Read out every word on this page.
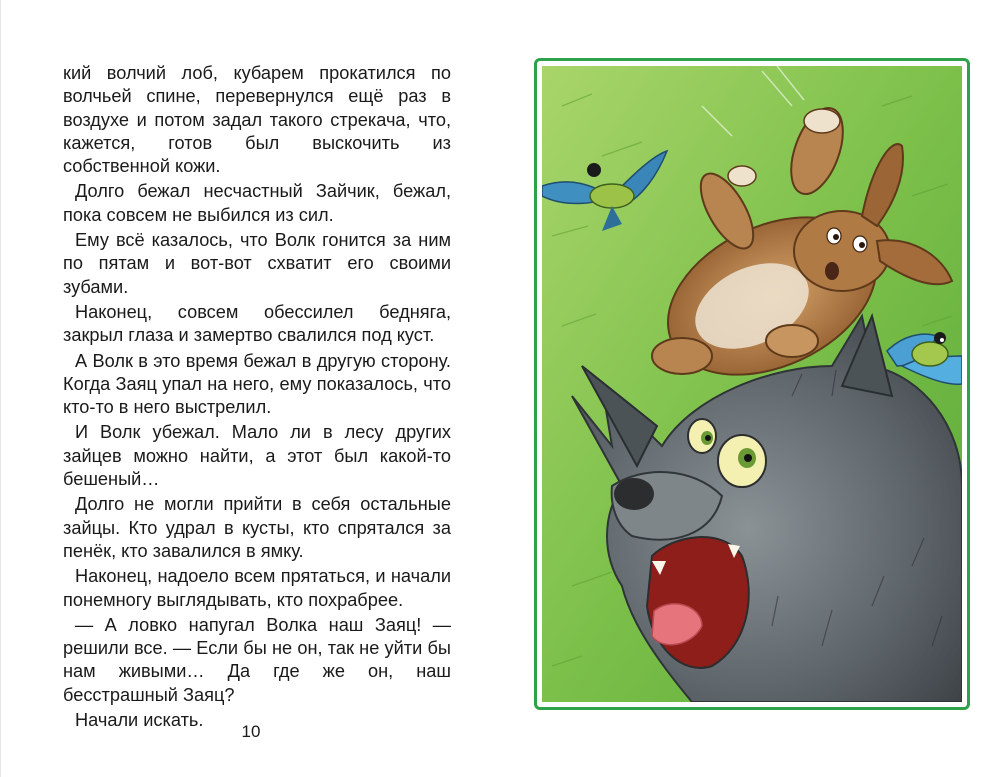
кий волчий лоб, кубарем прокатился по волчьей спине, перевернулся ещё раз в воздухе и потом задал такого стрекача, что, кажется, готов был выскочить из собственной кожи.

Долго бежал несчастный Зайчик, бежал, пока совсем не выбился из сил.

Ему всё казалось, что Волк гонится за ним по пятам и вот-вот схватит его своими зубами.

Наконец, совсем обессилел бедняга, закрыл глаза и замертво свалился под куст.

А Волк в это время бежал в другую сторону. Когда Заяц упал на него, ему показалось, что кто-то в него выстрелил.

И Волк убежал. Мало ли в лесу других зайцев можно найти, а этот был какой-то бешеный…

Долго не могли прийти в себя остальные зайцы. Кто удрал в кусты, кто спрятался за пенёк, кто завалился в ямку.

Наконец, надоело всем прятаться, и начали понемногу выглядывать, кто похрабрее.

— А ловко напугал Волка наш Заяц! — решили все. — Если бы не он, так не уйти бы нам живыми… Да где же он, наш бесстрашный Заяц?

Начали искать.

10
